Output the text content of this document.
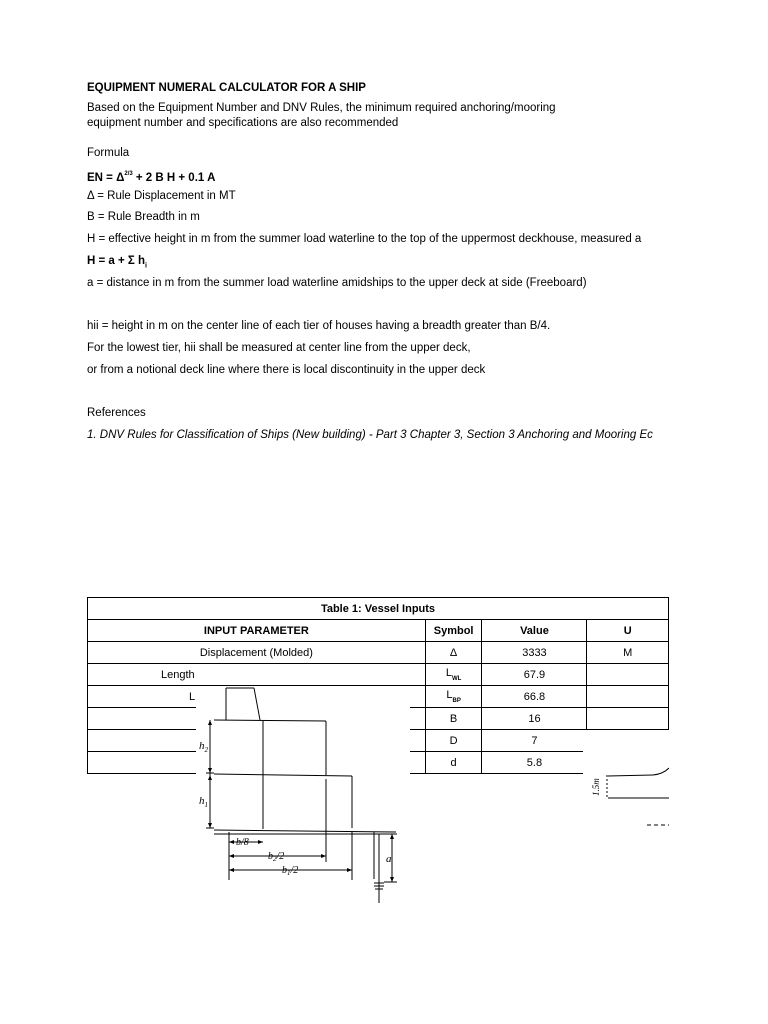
EQUIPMENT NUMERAL CALCULATOR FOR A SHIP
Based on the Equipment Number and DNV Rules, the minimum required anchoring/mooring
equipment number and specifications are also recommended
Formula
EN = $\Delta^{2/3} + 2$ B H + 0.1 A
Δ = Rule Displacement in MT
B = Rule Breadth in m
H = effective height in m from the summer load waterline to the top of the uppermost deckhouse, measured a
H = a + Σ $h_i$
a = distance in m from the summer load waterline amidships to the upper deck at side (Freeboard)
hii = height in m on the center line of each tier of houses having a breadth greater than B/4.
For the lowest tier, hii shall be measured at center line from the upper deck,
or from a notional deck line where there is local discontinuity in the upper deck
References
1. DNV Rules for Classification of Ships (New building) - Part 3 Chapter 3, Section 3 Anchoring and Mooring Ec
Table 1: Vessel Inputs			
INPUT PARAMETER	Symbol	Value	U
Displacement (Molded)	Δ	3333	M
Length	$L_{WL}$	67.9	
L	$L_{BP}$	66.8	
	B	16	
	D	7	
	d	5.8	
$h_2$
$h_1$
b/8
$b_2/2$
$b_1/2$
a
1.5m
